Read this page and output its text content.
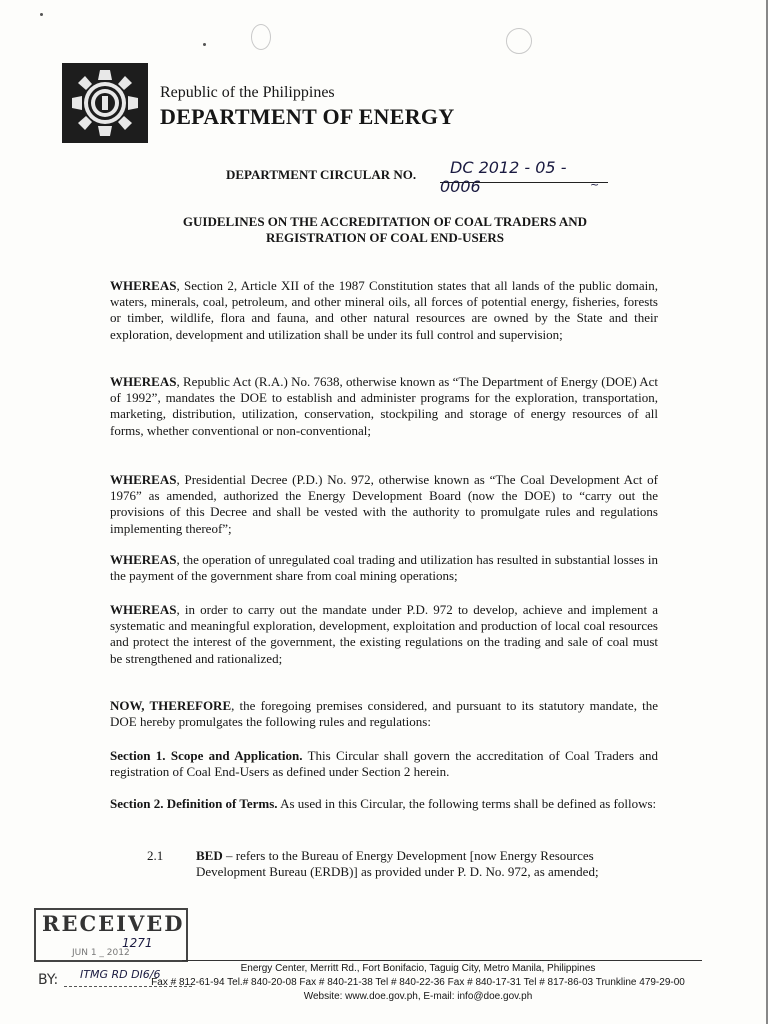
Republic of the Philippines
DEPARTMENT OF ENERGY
DEPARTMENT CIRCULAR NO.	DC 2012 - 05 - 0006	~
GUIDELINES ON THE ACCREDITATION OF COAL TRADERS AND
REGISTRATION OF COAL END-USERS
WHEREAS, Section 2, Article XII of the 1987 Constitution states that all lands of the public domain, waters, minerals, coal, petroleum, and other mineral oils, all forces of potential energy, fisheries, forests or timber, wildlife, flora and fauna, and other natural resources are owned by the State and their exploration, development and utilization shall be under its full control and supervision;
WHEREAS, Republic Act (R.A.) No. 7638, otherwise known as “The Department of Energy (DOE) Act of 1992”, mandates the DOE to establish and administer programs for the exploration, transportation, marketing, distribution, utilization, conservation, stockpiling and storage of energy resources of all forms, whether conventional or non-conventional;
WHEREAS, Presidential Decree (P.D.) No. 972, otherwise known as “The Coal Development Act of 1976” as amended, authorized the Energy Development Board (now the DOE) to “carry out the provisions of this Decree and shall be vested with the authority to promulgate rules and regulations implementing thereof”;
WHEREAS, the operation of unregulated coal trading and utilization has resulted in substantial losses in the payment of the government share from coal mining operations;
WHEREAS, in order to carry out the mandate under P.D. 972 to develop, achieve and implement a systematic and meaningful exploration, development, exploitation and production of local coal resources and protect the interest of the government, the existing regulations on the trading and sale of coal must be strengthened and rationalized;
NOW, THEREFORE, the foregoing premises considered, and pursuant to its statutory mandate, the DOE hereby promulgates the following rules and regulations:
Section 1. Scope and Application. This Circular shall govern the accreditation of Coal Traders and registration of Coal End-Users as defined under Section 2 herein.
Section 2. Definition of Terms. As used in this Circular, the following terms shall be defined as follows:
2.1	BED – refers to the Bureau of Energy Development [now Energy Resources Development Bureau (ERDB)] as provided under P. D. No. 972, as amended;
RECEIVED
1271
JUN 1 _ 2012
BY: ITMG RD DI6/6	Energy Center, Merritt Rd., Fort Bonifacio, Taguig City, Metro Manila, Philippines
Fax # 812-61-94 Tel.# 840-20-08 Fax # 840-21-38 Tel # 840-22-36 Fax # 840-17-31 Tel # 817-86-03 Trunkline 479-29-00
Website: www.doe.gov.ph, E-mail: info@doe.gov.ph
